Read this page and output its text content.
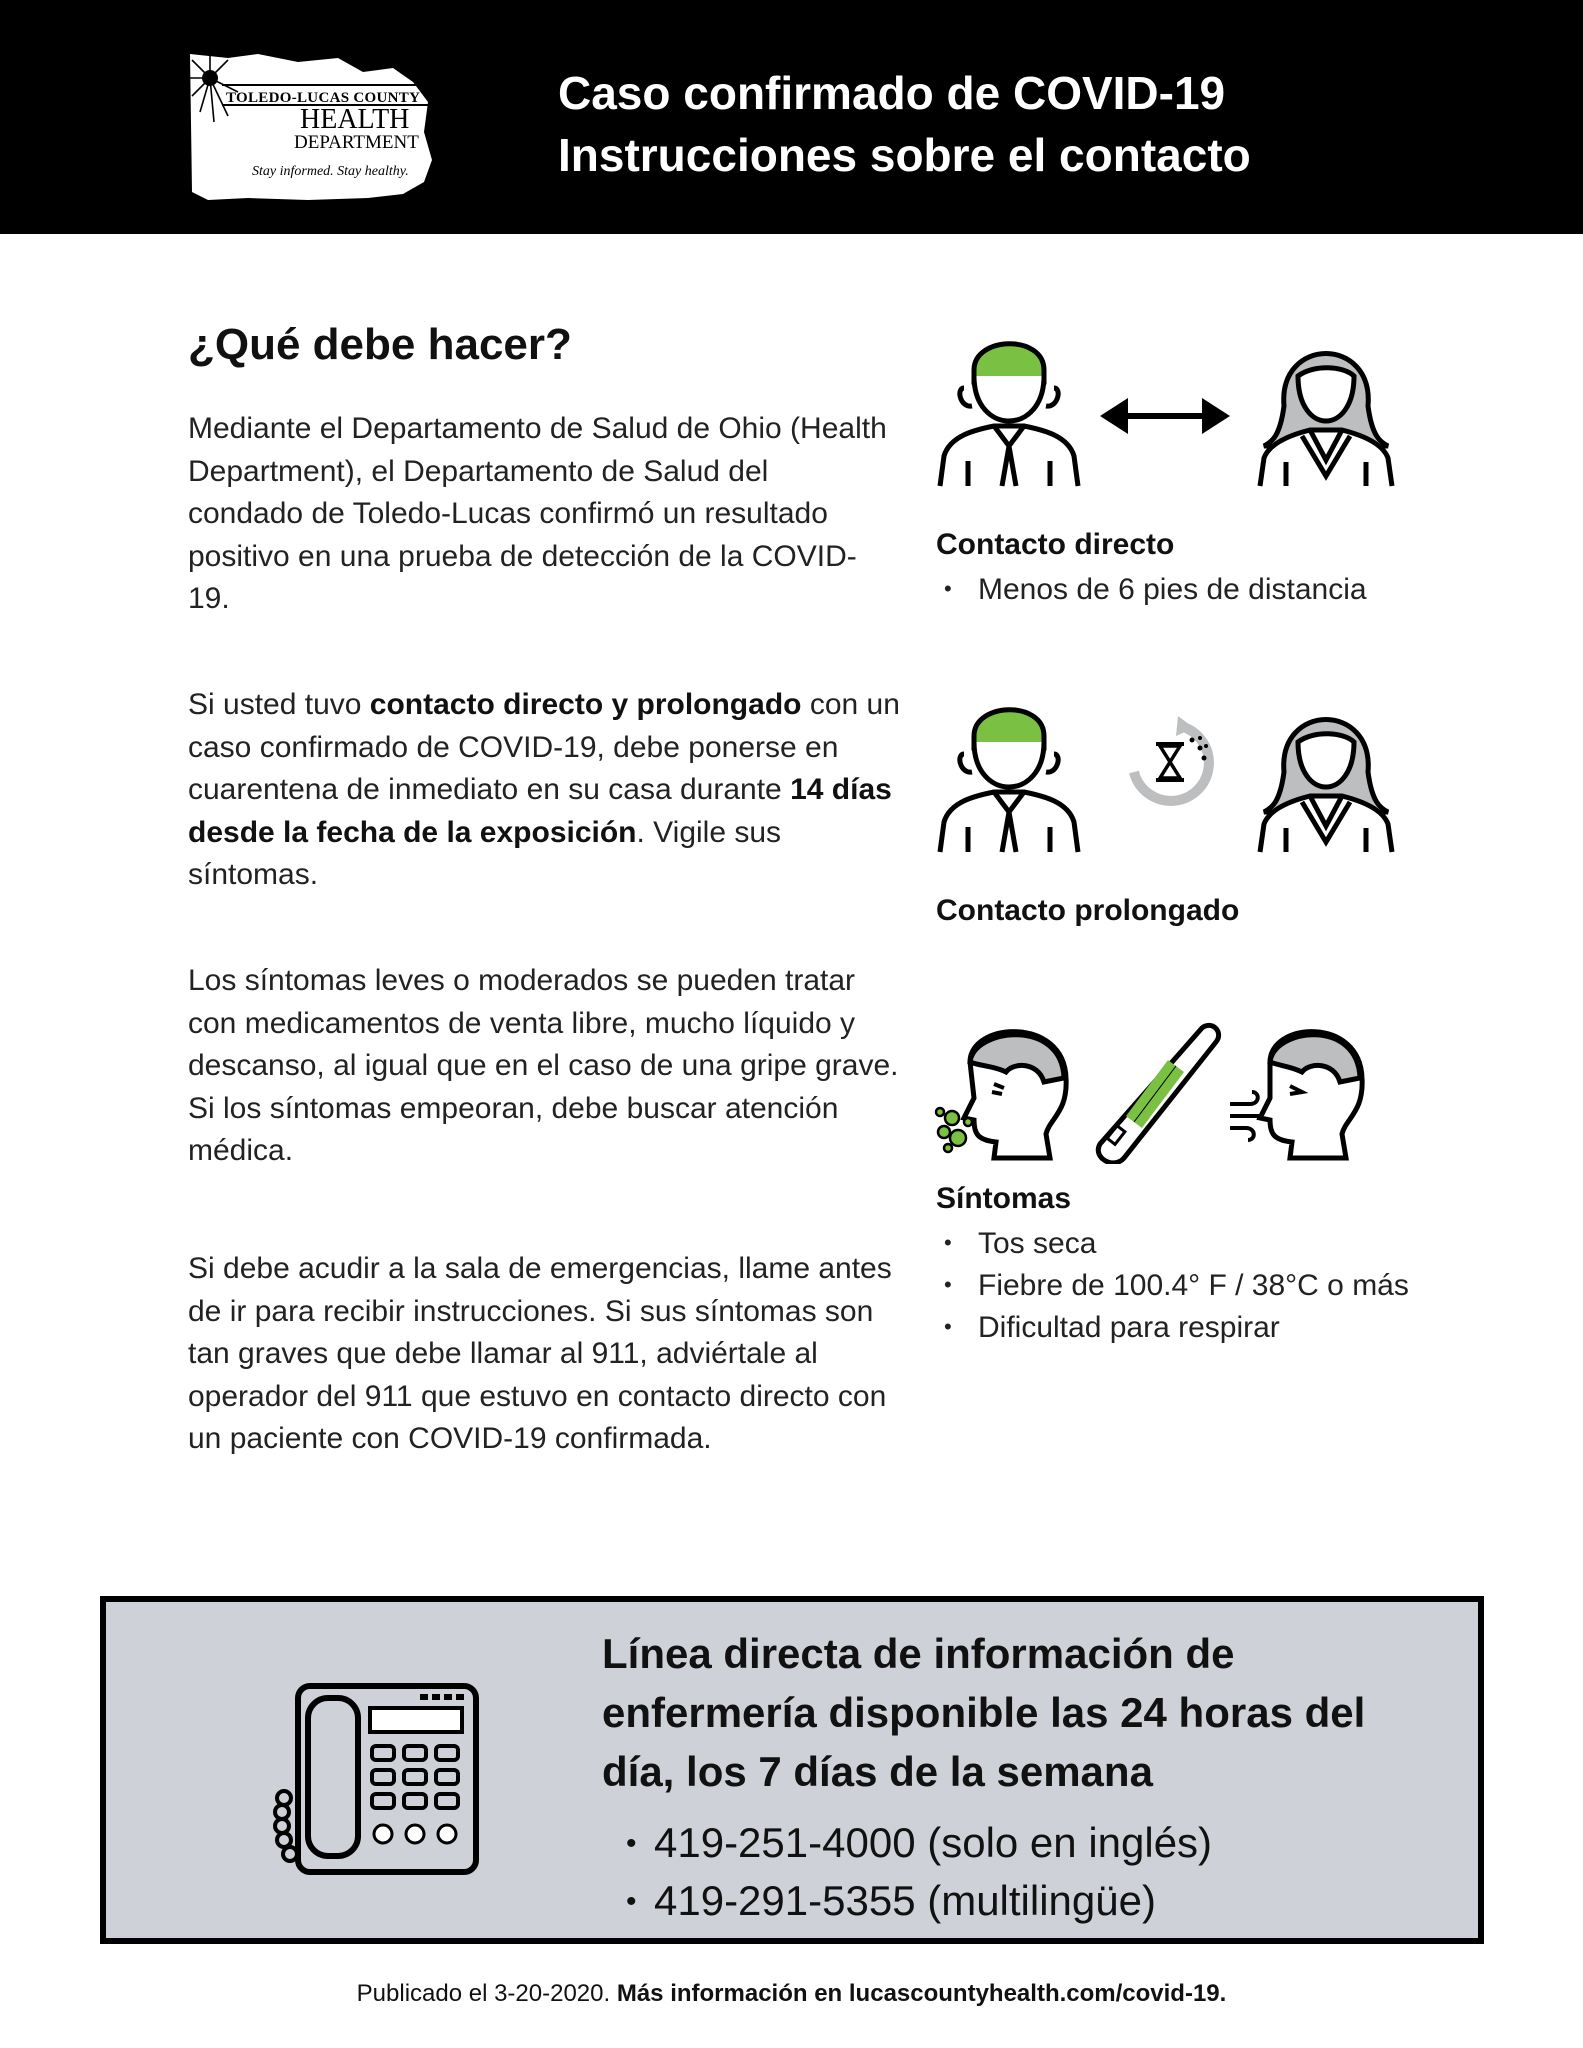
TOLEDO-LUCAS COUNTY
HEALTH
DEPARTMENT
Stay informed. Stay healthy.
Caso confirmado de COVID-19
Instrucciones sobre el contacto
¿Qué debe hacer?

Mediante el Departamento de Salud de Ohio (Health Department), el Departamento de Salud del condado de Toledo-Lucas confirmó un resultado positivo en una prueba de detección de la COVID-19.

Si usted tuvo contacto directo y prolongado con un caso confirmado de COVID-19, debe ponerse en cuarentena de inmediato en su casa durante 14 días desde la fecha de la exposición. Vigile sus síntomas.

Los síntomas leves o moderados se pueden tratar con medicamentos de venta libre, mucho líquido y descanso, al igual que en el caso de una gripe grave. Si los síntomas empeoran, debe buscar atención médica.

Si debe acudir a la sala de emergencias, llame antes de ir para recibir instrucciones. Si sus síntomas son tan graves que debe llamar al 911, adviértale al operador del 911 que estuvo en contacto directo con un paciente con COVID-19 confirmada.

Contacto directo
• Menos de 6 pies de distancia
Contacto prolongado
Síntomas
• Tos seca
• Fiebre de 100.4° F / 38°C o más
• Dificultad para respirar
Línea directa de información de enfermería disponible las 24 horas del día, los 7 días de la semana
• 419-251-4000 (solo en inglés)
• 419-291-5355 (multilingüe)
Publicado el 3-20-2020. Más información en lucascountyhealth.com/covid-19.
